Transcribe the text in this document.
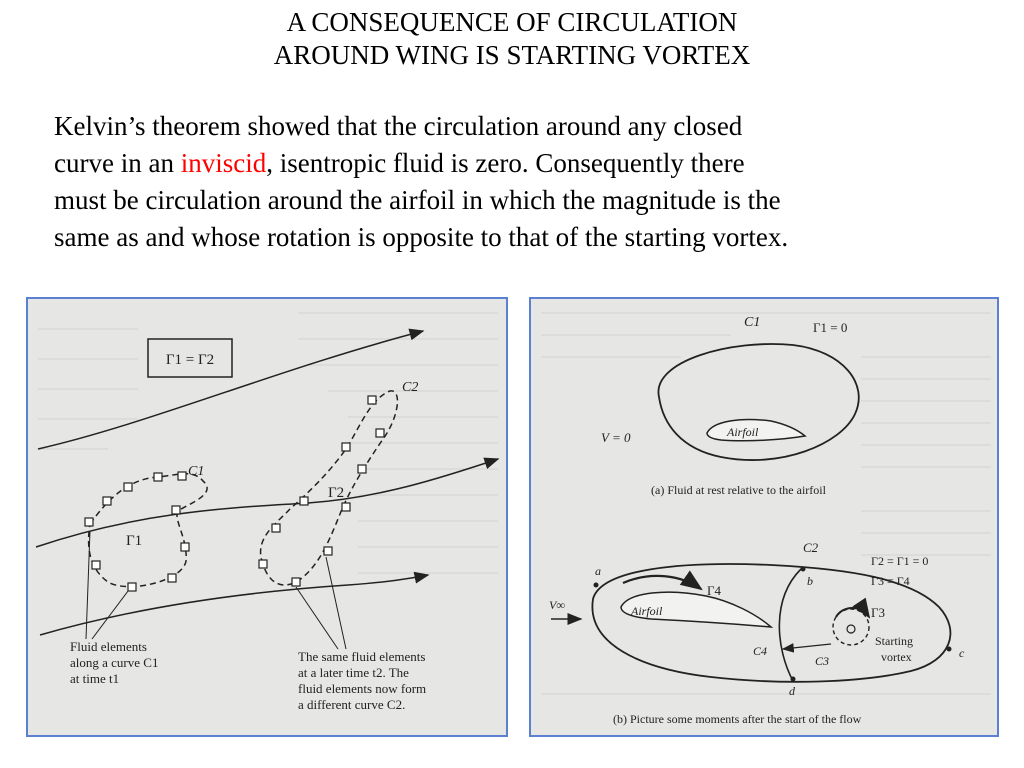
A CONSEQUENCE OF CIRCULATION
AROUND WING IS STARTING VORTEX
Kelvin’s theorem showed that the circulation around any closed
curve in an inviscid, isentropic fluid is zero. Consequently there
must be circulation around the airfoil in which the magnitude is the
same as and whose rotation is opposite to that of the starting vortex.
Γ1 = Γ2
C1
Γ1
C2
Γ2
Fluid elements
along a curve C1
at time t1
The same fluid elements
at a later time t2. The
fluid elements now form
a different curve C2.
C1	Γ1 = 0
Airfoil
V = 0
(a) Fluid at rest relative to the airfoil
C2
Γ2 = Γ1 = 0
Γ3 = Γ4
Airfoil
Γ4
V∞	Γ3
Starting
vortex
a
b
c
d
C3
C4
(b) Picture some moments after the start of the flow
